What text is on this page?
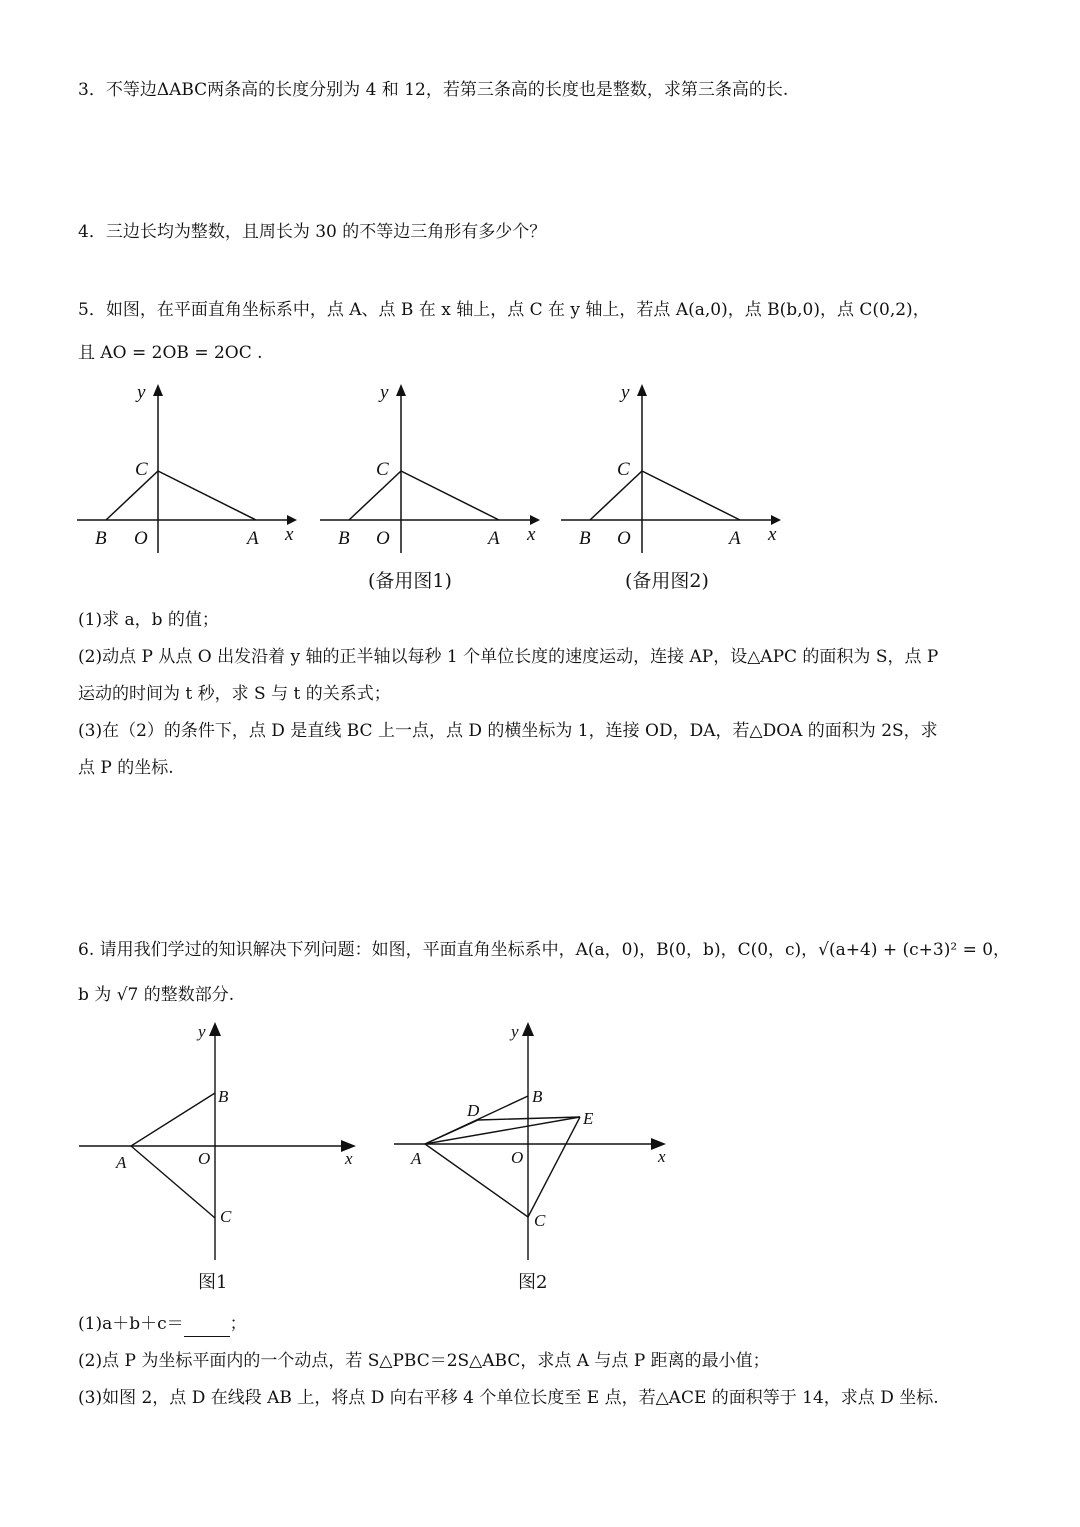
3．不等边ΔABC两条高的长度分别为 4 和 12，若第三条高的长度也是整数，求第三条高的长.
4．三边长均为整数，且周长为 30 的不等边三角形有多少个？
5．如图，在平面直角坐标系中，点 A、点 B 在 x 轴上，点 C 在 y 轴上，若点 A(a,0)，点 B(b,0)，点 C(0,2)，
且 AO = 2OB = 2OC .
y
C
B O	A x
y
C
B O	A x
y
C
B O	A x
(备用图1)	(备用图2)
(1)求 a，b 的值；
(2)动点 P 从点 O 出发沿着 y 轴的正半轴以每秒 1 个单位长度的速度运动，连接 AP，设△APC 的面积为 S，点 P
运动的时间为 t 秒，求 S 与 t 的关系式；
(3)在（2）的条件下，点 D 是直线 BC 上一点，点 D 的横坐标为 1，连接 OD，DA，若△DOA 的面积为 2S，求
点 P 的坐标.
6. 请用我们学过的知识解决下列问题：如图，平面直角坐标系中，A(a，0)，B(0，b)，C(0，c)，√(a+4) + (c+3)² = 0，
b 为 √7 的整数部分.
y
B
A	O	x
C
图1
y
B
D	E
A	O	x
C
图2
(1)a＋b＋c＝	；
(2)点 P 为坐标平面内的一个动点，若 S△PBC＝2S△ABC，求点 A 与点 P 距离的最小值；
(3)如图 2，点 D 在线段 AB 上，将点 D 向右平移 4 个单位长度至 E 点，若△ACE 的面积等于 14，求点 D 坐标.
